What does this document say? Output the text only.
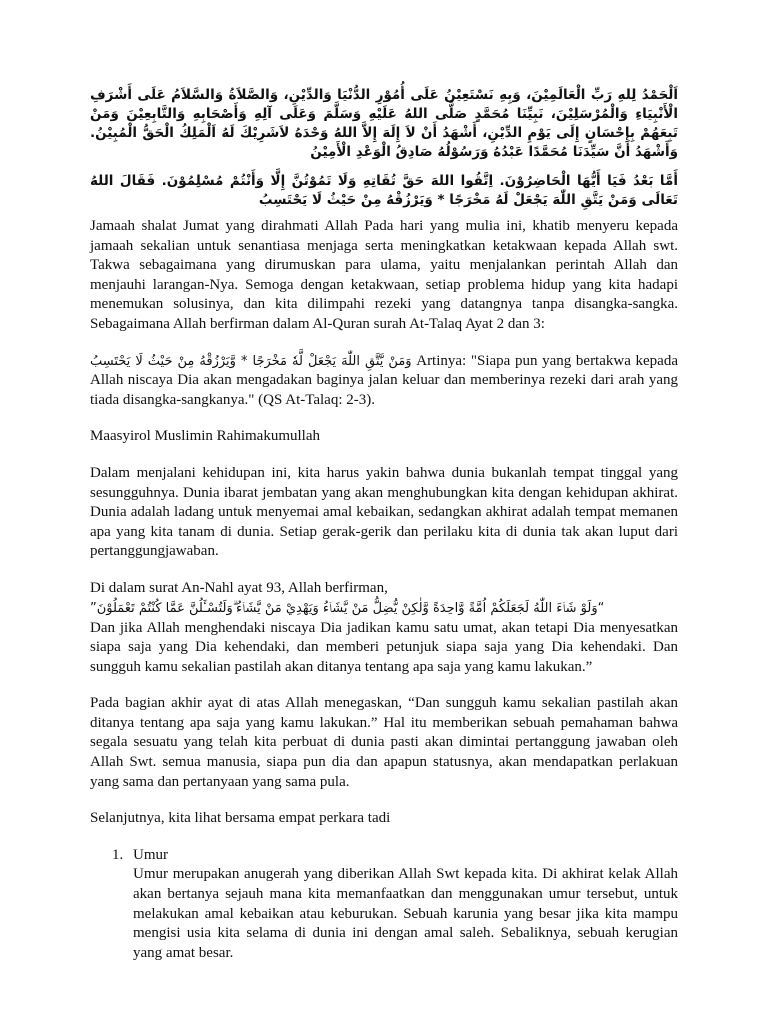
اَلْحَمْدُ لِلهِ رَبِّ الْعَالَمِيْنَ، وَبِهِ نَسْتَعِيْنُ عَلَى أُمُوْرِ الدُّنْيَا وَالدِّيْنِ، وَالصَّلاَةُ وَالسَّلاَمُ عَلَى أَشْرَفِ الْأَنْبِيَاءِ وَالْمُرْسَلِيْنَ، نَبِيِّنَا مُحَمَّدٍ صَلَّى اللهُ عَلَيْهِ وَسَلَّمَ وَعَلَى آلِهِ وَأَصْحَابِهِ وَالتَّابِعِيْنَ وَمَنْ تَبِعَهُمْ بِإِحْسَانٍ إِلَى يَوْمِ الدِّيْنِ، أَشْهَدُ أَنْ لاَ إِلَهَ إِلاَّ اللهُ وَحْدَهُ لاَشَرِيْكَ لَهُ اَلْمَلِكُ الْحَقُّ الْمُبِيْنُ. وَأَشْهَدُ أَنَّ سَيِّدَنَا مُحَمَّدًا عَبْدُهُ وَرَسُوْلُهُ صَادِقُ الْوَعْدِ الْأَمِيْنُ

أَمَّا بَعْدُ فَيَا أَيُّهَا الْحَاضِرُوْنَ. اِتَّقُوا اللهَ حَقَّ تُقَاتِهِ وَلَا تَمُوْتُنَّ إِلَّا وَأَنْتُمْ مُسْلِمُوْنَ. فَقَالَ اللهُ تَعَالَى وَمَنْ يَتَّقِ اللّٰهَ يَجْعَلْ لَهُ مَخْرَجًا * وَيَرْزُقْهُ مِنْ حَيْثُ لَا يَحْتَسِبُ

Jamaah shalat Jumat yang dirahmati Allah Pada hari yang mulia ini, khatib menyeru kepada jamaah sekalian untuk senantiasa menjaga serta meningkatkan ketakwaan kepada Allah swt. Takwa sebagaimana yang dirumuskan para ulama, yaitu menjalankan perintah Allah dan menjauhi larangan-Nya. Semoga dengan ketakwaan, setiap problema hidup yang kita hadapi menemukan solusinya, dan kita dilimpahi rezeki yang datangnya tanpa disangka-sangka. Sebagaimana Allah berfirman dalam Al-Quran surah At-Talaq Ayat 2 dan 3:

وَمَنْ يَّتَّقِ اللّٰهَ يَجْعَلْ لَّهٗ مَخْرَجًا * وَّيَرْزُقْهُ مِنْ حَيْثُ لَا يَحْتَسِبُ Artinya: "Siapa pun yang bertakwa kepada Allah niscaya Dia akan mengadakan baginya jalan keluar dan memberinya rezeki dari arah yang tiada disangka-sangkanya." (QS At-Talaq: 2-3).

Maasyirol Muslimin Rahimakumullah

Dalam menjalani kehidupan ini, kita harus yakin bahwa dunia bukanlah tempat tinggal yang sesungguhnya. Dunia ibarat jembatan yang akan menghubungkan kita dengan kehidupan akhirat. Dunia adalah ladang untuk menyemai amal kebaikan, sedangkan akhirat adalah tempat memanen apa yang kita tanam di dunia. Setiap gerak-gerik dan perilaku kita di dunia tak akan luput dari pertanggungjawaban.

Di dalam surat An-Nahl ayat 93, Allah berfirman,

“وَلَوْ شَاۤءَ اللّٰهُ لَجَعَلَكُمْ اُمَّةً وَّاحِدَةً وَّلٰكِنْ يُّضِلُّ مَنْ يَّشَاۤءُ وَيَهْدِيْ مَنْ يَّشَاۤءُ ۗوَلَتُسْـَٔلُنَّ عَمَّا كُنْتُمْ تَعْمَلُوْنَ”
Dan jika Allah menghendaki niscaya Dia jadikan kamu satu umat, akan tetapi Dia menyesatkan siapa saja yang Dia kehendaki, dan memberi petunjuk siapa saja yang Dia kehendaki. Dan sungguh kamu sekalian pastilah akan ditanya tentang apa saja yang kamu lakukan.”

Pada bagian akhir ayat di atas Allah menegaskan, “Dan sungguh kamu sekalian pastilah akan ditanya tentang apa saja yang kamu lakukan.” Hal itu memberikan sebuah pemahaman bahwa segala sesuatu yang telah kita perbuat di dunia pasti akan dimintai pertanggung jawaban oleh Allah Swt. semua manusia, siapa pun dia dan apapun statusnya, akan mendapatkan perlakuan yang sama dan pertanyaan yang sama pula.

Selanjutnya, kita lihat bersama empat perkara tadi

1. Umur

Umur merupakan anugerah yang diberikan Allah Swt kepada kita. Di akhirat kelak Allah akan bertanya sejauh mana kita memanfaatkan dan menggunakan umur tersebut, untuk melakukan amal kebaikan atau keburukan. Sebuah karunia yang besar jika kita mampu mengisi usia kita selama di dunia ini dengan amal saleh. Sebaliknya, sebuah kerugian yang amat besar.
